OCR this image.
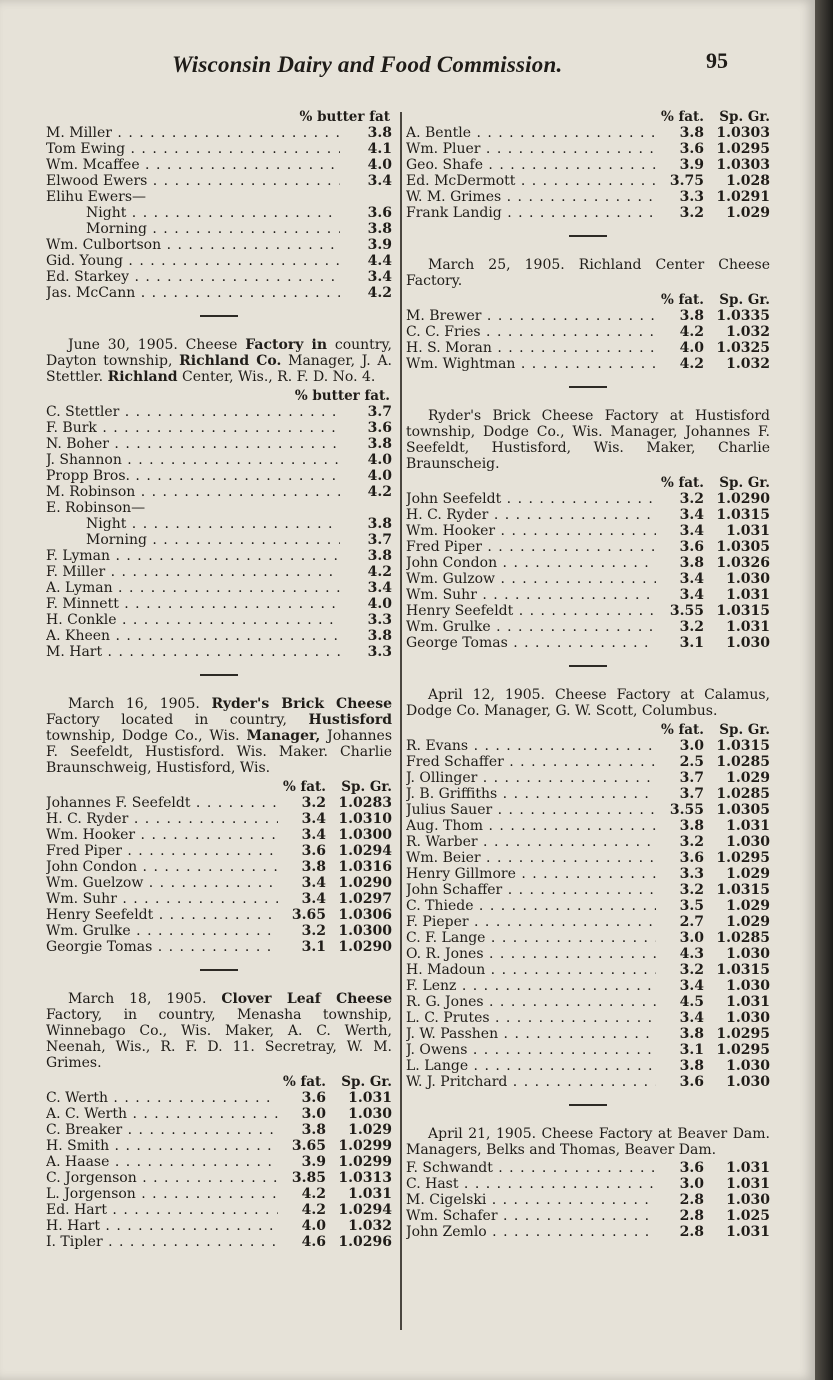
Wisconsin Dairy and Food Commission.	95
% butter fat
M. Miller . . .	3.8
Tom Ewing . . .	4.1
Wm. Mcaffee . . .	4.0
Elwood Ewers . . .	3.4
Elihu Ewers—
Night . . .	3.6
Morning . . .	3.8
Wm. Culbortson . . .	3.9
Gid. Young . . .	4.4
Ed. Starkey . . .	3.4
Jas. McCann . . .	4.2

June 30, 1905. Cheese Factory in country, Dayton township, Richland Co. Manager, J. A. Stettler. Richland Center, Wis., R. F. D. No. 4.

% butter fat.
C. Stettler . . .	3.7
F. Burk . . .	3.6
N. Boher . . .	3.8
J. Shannon . . .	4.0
Propp Bros. . . .	4.0
M. Robinson . . .	4.2
E. Robinson—
Night . . .	3.8
Morning . . .	3.7
F. Lyman . . .	3.8
F. Miller . . .	4.2
A. Lyman . . .	3.4
F. Minnett . . .	4.0
H. Conkle . . .	3.3
A. Kheen . . .	3.8
M. Hart . . .	3.3

March 16, 1905. Ryder's Brick Cheese Factory located in country, Hustisford township, Dodge Co., Wis. Manager, Johannes F. Seefeldt, Hustisford. Wis. Maker. Charlie Braunschweig, Hustisford, Wis.

% fat.	Sp. Gr.
Johannes F. Seefeldt . . .	3.2 1.0283
H. C. Ryder . . .	3.4 1.0310
Wm. Hooker . . .	3.4 1.0300
Fred Piper . . .	3.6 1.0294
John Condon . . .	3.8 1.0316
Wm. Guelzow . . .	3.4 1.0290
Wm. Suhr . . .	3.4 1.0297
Henry Seefeldt . . .	3.65 1.0306
Wm. Grulke . . .	3.2 1.0300
Georgie Tomas . . .	3.1 1.0290

March 18, 1905. Clover Leaf Cheese Factory, in country, Menasha township, Winnebago Co., Wis. Maker, A. C. Werth, Neenah, Wis., R. F. D. 11. Secretray, W. M. Grimes.

% fat.	Sp. Gr.
C. Werth . . .	3.6	1.031
A. C. Werth . . .	3.0	1.030
C. Breaker . . .	3.8	1.029
H. Smith . . .	3.65 1.0299
A. Haase . . .	3.9 1.0299
C. Jorgenson . . .	3.85 1.0313
L. Jorgenson . . .	4.2	1.031
Ed. Hart . . .	4.2 1.0294
H. Hart . . .	4.0	1.032
I. Tipler . . .	4.6 1.0296
% fat.	Sp. Gr.
A. Bentle . . .	3.8 1.0303
Wm. Pluer . . .	3.6 1.0295
Geo. Shafe . . .	3.9 1.0303
Ed. McDermott . . .	3.75	1.028
W. M. Grimes . . .	3.3 1.0291
Frank Landig . . .	3.2	1.029

March 25, 1905. Richland Center Cheese Factory.

% fat.	Sp. Gr.
M. Brewer . . .	3.8 1.0335
C. C. Fries . . .	4.2	1.032
H. S. Moran . . .	4.0 1.0325
Wm. Wightman . . .	4.2	1.032

Ryder's Brick Cheese Factory at Hustisford township, Dodge Co., Wis. Manager, Johannes F. Seefeldt, Hustisford, Wis. Maker, Charlie Braunscheig.

% fat.	Sp. Gr.
John Seefeldt . . .	3.2 1.0290
H. C. Ryder . . .	3.4 1.0315
Wm. Hooker . . .	3.4	1.031
Fred Piper . . .	3.6 1.0305
John Condon . . .	3.8 1.0326
Wm. Gulzow . . .	3.4	1.030
Wm. Suhr . . .	3.4	1.031
Henry Seefeldt . . .	3.55 1.0315
Wm. Grulke . . .	3.2	1.031
George Tomas . . .	3.1	1.030

April 12, 1905. Cheese Factory at Calamus, Dodge Co. Manager, G. W. Scott, Columbus.

% fat.	Sp. Gr.
R. Evans . . .	3.0 1.0315
Fred Schaffer . . .	2.5 1.0285
J. Ollinger . . .	3.7	1.029
J. B. Griffiths . . .	3.7 1.0285
Julius Sauer . . .	3.55 1.0305
Aug. Thom . . .	3.8	1.031
R. Warber . . .	3.2	1.030
Wm. Beier . . .	3.6 1.0295
Henry Gillmore . . .	3.3	1.029
John Schaffer . . .	3.2 1.0315
C. Thiede . . .	3.5	1.029
F. Pieper . . .	2.7	1.029
C. F. Lange . . .	3.0 1.0285
O. R. Jones . . .	4.3	1.030
H. Madoun . . .	3.2 1.0315
F. Lenz . . .	3.4	1.030
R. G. Jones . . .	4.5	1.031
L. C. Prutes . . .	3.4	1.030
J. W. Passhen . . .	3.8 1.0295
J. Owens . . .	3.1 1.0295
L. Lange . . .	3.8	1.030
W. J. Pritchard . . .	3.6	1.030

April 21, 1905. Cheese Factory at Beaver Dam. Managers, Belks and Thomas, Beaver Dam.

F. Schwandt . . .	3.6	1.031
C. Hast . . .	3.0	1.031
M. Cigelski . . .	2.8	1.030
Wm. Schafer . . .	2.8	1.025
John Zemlo . . .	2.8	1.031
